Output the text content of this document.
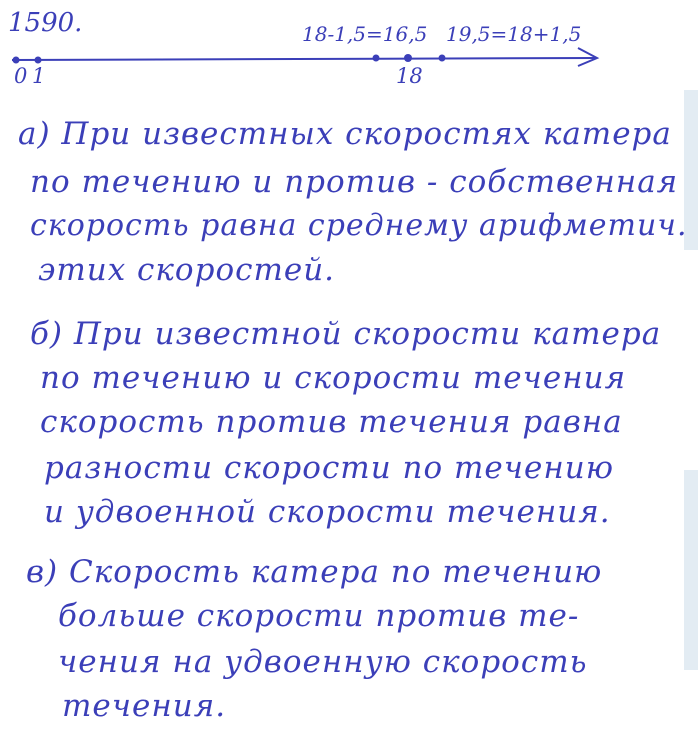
1590.
0 1	18
18-1,5=16,5 19,5=18+1,5
а) При известных скоростях катера
по течению и против - собственная
скорость равна среднему арифметич.
этих скоростей.
б) При известной скорости катера
по течению и скорости течения
скорость против течения равна
разности скорости по течению
и удвоенной скорости течения.
в) Скорость катера по течению
больше скорости против те-
чения на удвоенную скорость
течения.
